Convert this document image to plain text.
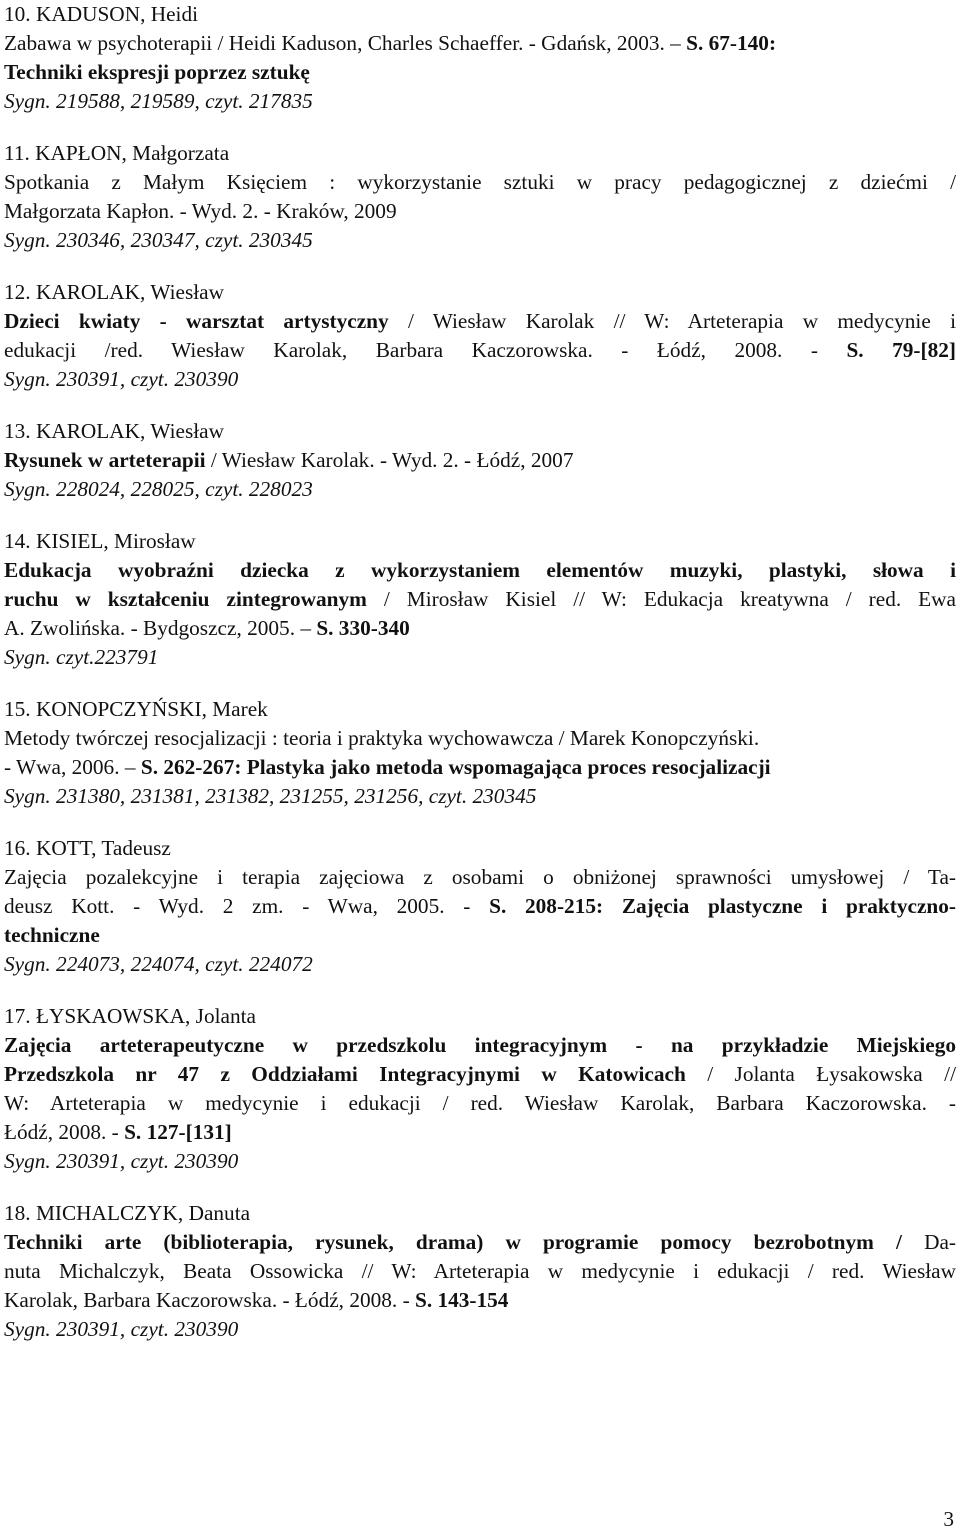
10. KADUSON, Heidi
Zabawa w psychoterapii / Heidi Kaduson, Charles Schaeffer. - Gdańsk, 2003. – S. 67-140:
Techniki ekspresji poprzez sztukę
Sygn. 219588, 219589, czyt. 217835
11. KAPŁON, Małgorzata
Spotkania z Małym Księciem : wykorzystanie sztuki w pracy pedagogicznej z dziećmi /
Małgorzata Kapłon. - Wyd. 2. - Kraków, 2009
Sygn. 230346, 230347, czyt. 230345
12. KAROLAK, Wiesław
Dzieci kwiaty - warsztat artystyczny / Wiesław Karolak // W: Arteterapia w medycynie i
edukacji /red. Wiesław Karolak, Barbara Kaczorowska. - Łódź, 2008. - S. 79-[82]
Sygn. 230391, czyt. 230390
13. KAROLAK, Wiesław
Rysunek w arteterapii / Wiesław Karolak. - Wyd. 2. - Łódź, 2007
Sygn. 228024, 228025, czyt. 228023
14. KISIEL, Mirosław
Edukacja wyobraźni dziecka z wykorzystaniem elementów muzyki, plastyki, słowa i
ruchu w kształceniu zintegrowanym / Mirosław Kisiel // W: Edukacja kreatywna / red. Ewa
A. Zwolińska. - Bydgoszcz, 2005. – S. 330-340
Sygn. czyt.223791
15. KONOPCZYŃSKI, Marek
Metody twórczej resocjalizacji : teoria i praktyka wychowawcza / Marek Konopczyński.
- Wwa, 2006. – S. 262-267: Plastyka jako metoda wspomagająca proces resocjalizacji
Sygn. 231380, 231381, 231382, 231255, 231256, czyt. 230345
16. KOTT, Tadeusz
Zajęcia pozalekcyjne i terapia zajęciowa z osobami o obniżonej sprawności umysłowej / Ta-
deusz Kott. - Wyd. 2 zm. - Wwa, 2005. - S. 208-215: Zajęcia plastyczne i praktyczno-
techniczne
Sygn. 224073, 224074, czyt. 224072
17. ŁYSKAOWSKA, Jolanta
Zajęcia arteterapeutyczne w przedszkolu integracyjnym - na przykładzie Miejskiego
Przedszkola nr 47 z Oddziałami Integracyjnymi w Katowicach / Jolanta Łysakowska //
W: Arteterapia w medycynie i edukacji / red. Wiesław Karolak, Barbara Kaczorowska. -
Łódź, 2008. - S. 127-[131]
Sygn. 230391, czyt. 230390
18. MICHALCZYK, Danuta
Techniki arte (biblioterapia, rysunek, drama) w programie pomocy bezrobotnym / Da-
nuta Michalczyk, Beata Ossowicka // W: Arteterapia w medycynie i edukacji / red. Wiesław
Karolak, Barbara Kaczorowska. - Łódź, 2008. - S. 143-154
Sygn. 230391, czyt. 230390
3
